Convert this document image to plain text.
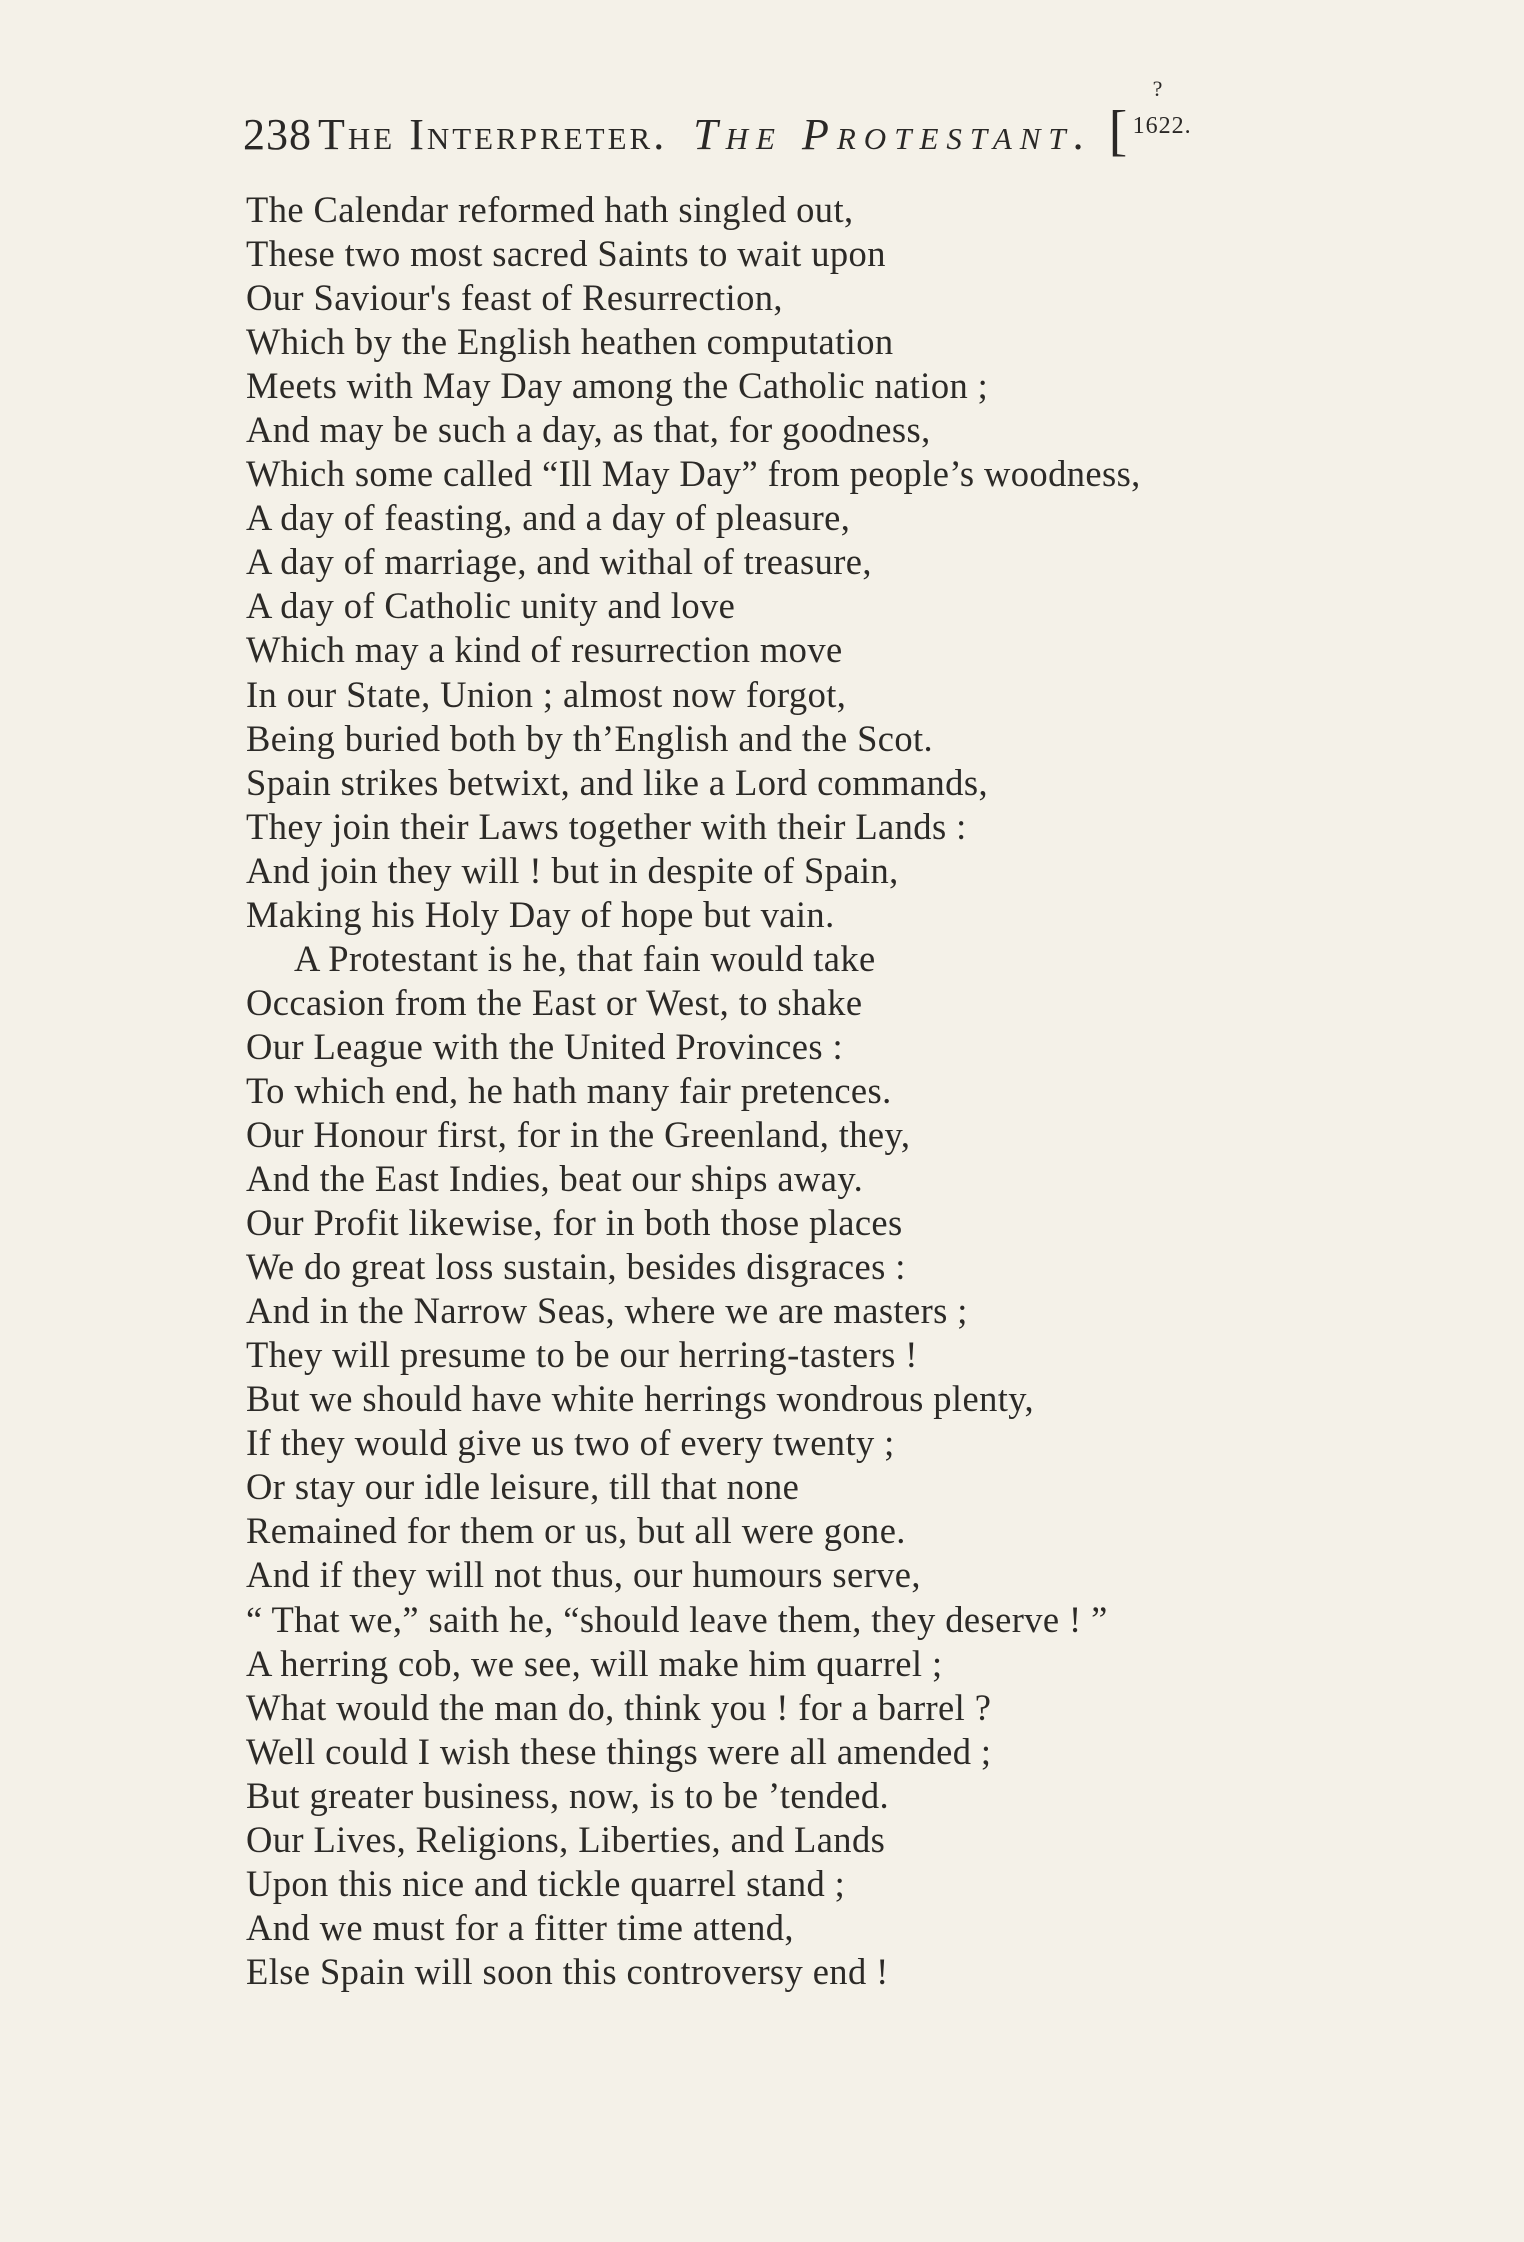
238 The Interpreter. The Protestant. [
?
1622.
The Calendar reformed hath singled out,
These two most sacred Saints to wait upon
Our Saviour's feast of Resurrection,
Which by the English heathen computation
Meets with May Day among the Catholic nation ;
And may be such a day, as that, for goodness,
Which some called “Ill May Day” from people’s woodness,
A day of feasting, and a day of pleasure,
A day of marriage, and withal of treasure,
A day of Catholic unity and love
Which may a kind of resurrection move
In our State, Union ; almost now forgot,
Being buried both by th’English and the Scot.
Spain strikes betwixt, and like a Lord commands,
They join their Laws together with their Lands :
And join they will ! but in despite of Spain,
Making his Holy Day of hope but vain.
A Protestant is he, that fain would take
Occasion from the East or West, to shake
Our League with the United Provinces :
To which end, he hath many fair pretences.
Our Honour first, for in the Greenland, they,
And the East Indies, beat our ships away.
Our Profit likewise, for in both those places
We do great loss sustain, besides disgraces :
And in the Narrow Seas, where we are masters ;
They will presume to be our herring-tasters !
But we should have white herrings wondrous plenty,
If they would give us two of every twenty ;
Or stay our idle leisure, till that none
Remained for them or us, but all were gone.
And if they will not thus, our humours serve,
“ That we,” saith he, “should leave them, they deserve ! ”
A herring cob, we see, will make him quarrel ;
What would the man do, think you ! for a barrel ?
Well could I wish these things were all amended ;
But greater business, now, is to be ’tended.
Our Lives, Religions, Liberties, and Lands
Upon this nice and tickle quarrel stand ;
And we must for a fitter time attend,
Else Spain will soon this controversy end !
